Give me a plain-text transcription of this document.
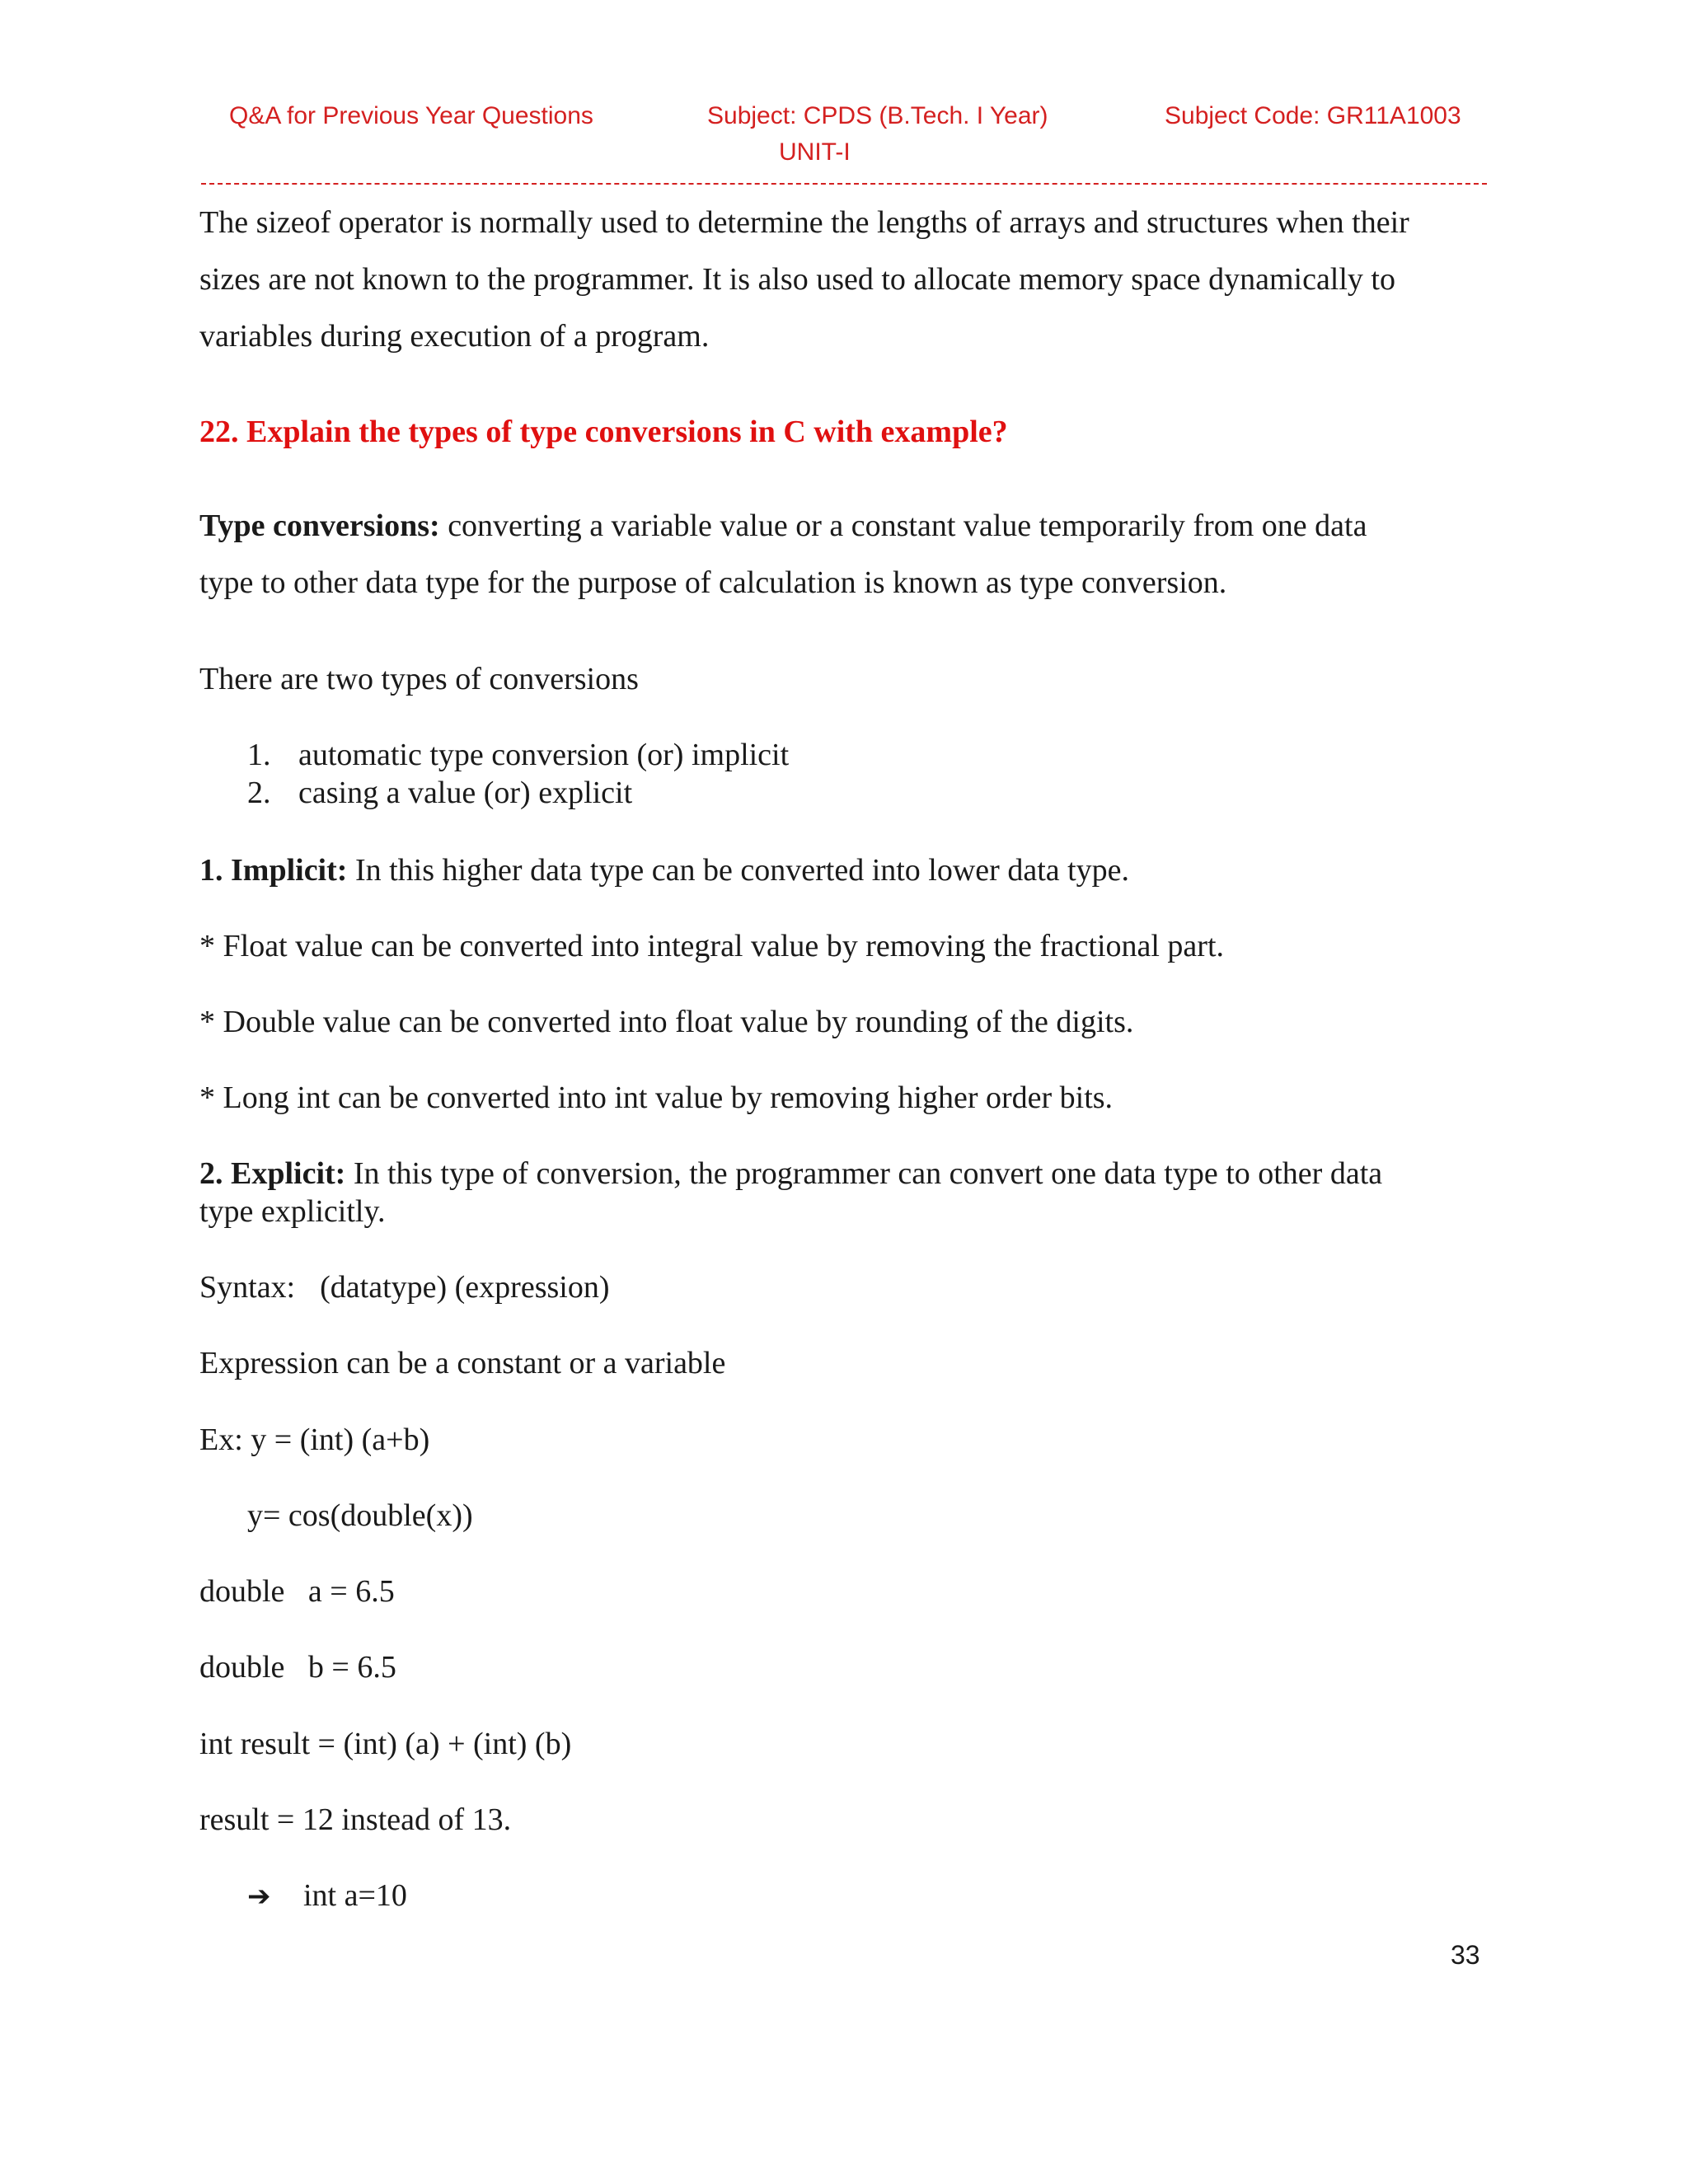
Q&A for Previous Year Questions	Subject: CPDS (B.Tech. I Year)	Subject Code: GR11A1003
UNIT-I
The sizeof operator is normally used to determine the lengths of arrays and structures when their
sizes are not known to the programmer. It is also used to allocate memory space dynamically to
variables during execution of a program.
22. Explain the types of type conversions in C with example?
Type conversions: converting a variable value or a constant value temporarily from one data
type to other data type for the purpose of calculation is known as type conversion.
There are two types of conversions
1. automatic type conversion (or) implicit
2. casing a value (or) explicit
1. Implicit: In this higher data type can be converted into lower data type.
* Float value can be converted into integral value by removing the fractional part.
* Double value can be converted into float value by rounding of the digits.
* Long int can be converted into int value by removing higher order bits.
2. Explicit: In this type of conversion, the programmer can convert one data type to other data
type explicitly.
Syntax: (datatype) (expression)
Expression can be a constant or a variable
Ex: y = (int) (a+b)
y= cos(double(x))
double   a = 6.5
double   b = 6.5
int result = (int) (a) + (int) (b)
result = 12 instead of 13.
➔ int a=10
33
